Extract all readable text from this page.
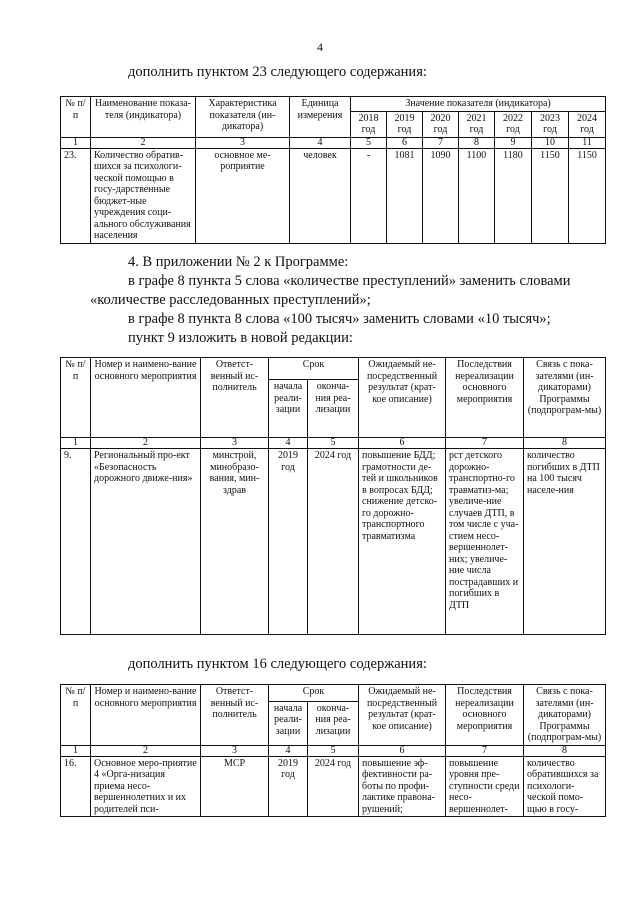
4
дополнить пунктом 23 следующего содержания:
№ п/п	Наименование показа-теля (индикатора)	Характеристика показателя (ин-дикатора)	Единица измерения	Значение показателя (индикатора)						
				2018 год	2019 год	2020 год	2021 год	2022 год	2023 год	2024 год
1	2	3	4	5	6	7	8	9	10	11
23.	Количество обратив-шихся за психологи-ческой помощью в госу-дарственные бюджет-ные учреждения соци-ального обслуживания населения	основное ме-роприятие	человек	-	1081	1090	1100	1180	1150	1150
4. В приложении № 2 к Программе:
в графе 8 пункта 5 слова «количестве преступлений» заменить словами
«количестве расследованных преступлений»;
в графе 8 пункта 8 слова «100 тысяч» заменить словами «10 тысяч»;
пункт 9 изложить в новой редакции:
№ п/п	Номер и наимено-вание основного мероприятия	Ответст-венный ис-полнитель	Срок		Ожидаемый не-посредственный результат (крат-кое описание)	Последствия нереализации основного мероприятия	Связь с пока-зателями (ин-дикаторами) Программы (подпрограм-мы)
			начала реали-зации	оконча-ния реа-лизации			
1	2	3	4	5	6	7	8
9.	Региональный про-ект «Безопасность дорожного движе-ния»	минстрой, минобразо-вания, мин-здрав	2019 год	2024 год	повышение БДД; грамотности де-тей и школьников в вопросах БДД; снижение детско-го дорожно-транспортного травматизма	рст детского дорожно-транспортно-го травматиз-ма; увеличе-ние случаев ДТП, в том числе с уча-стием несо-вершеннолет-них; увеличе-ние числа пострадавших и погибших в ДТП	количество погибших в ДТП на 100 тысяч населе-ния
дополнить пунктом 16 следующего содержания:
№ п/п	Номер и наимено-вание основного мероприятия	Ответст-венный ис-полнитель	Срок		Ожидаемый не-посредственный результат (крат-кое описание)	Последствия нереализации основного мероприятия	Связь с пока-зателями (ин-дикаторами) Программы (подпрограм-мы)
			начала реали-зации	оконча-ния реа-лизации			
1	2	3	4	5	6	7	8
16.	Основное меро-приятие 4 «Орга-низация приема несо-вершеннолетних и их родителей пси-	МСР	2019 год	2024 год	повышение эф-фективности ра-боты по профи-лактике правона-рушений;	повышение уровня пре-ступности среди несо-вершеннолет-	количество обратившихся за психологи-ческой помо-щью в госу-
